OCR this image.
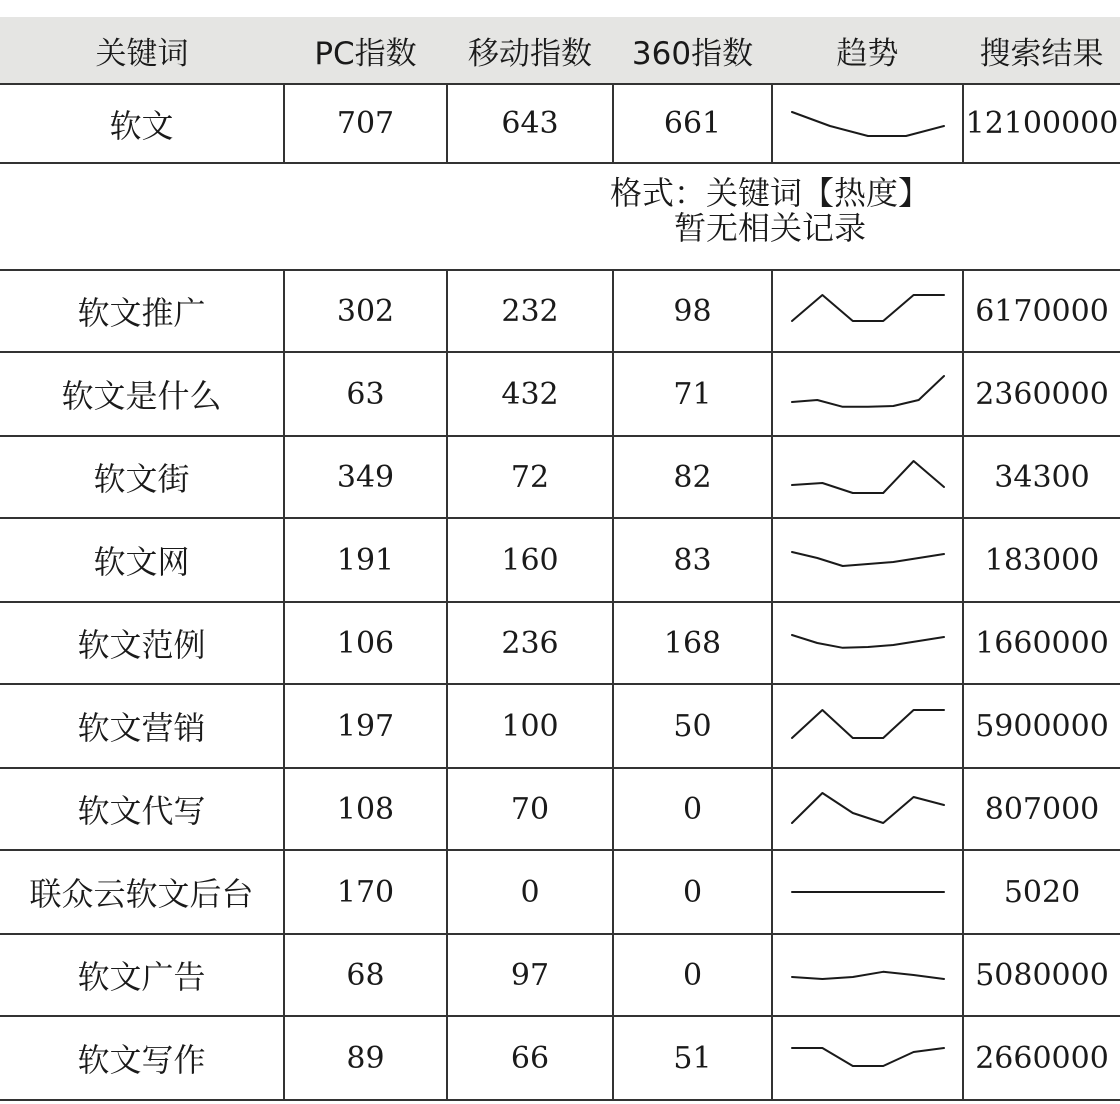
关键词	PC指数	移动指数	360指数	趋势	搜索结果
软文	707	643	661		12100000

格式：关键词【热度】
暂无相关记录					

软文推广	302	232	98		6170000
软文是什么	63	432	71		2360000
软文街	349	72	82		34300
软文网	191	160	83		183000
软文范例	106	236	168		1660000
软文营销	197	100	50		5900000
软文代写	108	70	0		807000
联众云软文后台	170	0	0		5020
软文广告	68	97	0		5080000
软文写作	89	66	51		2660000
